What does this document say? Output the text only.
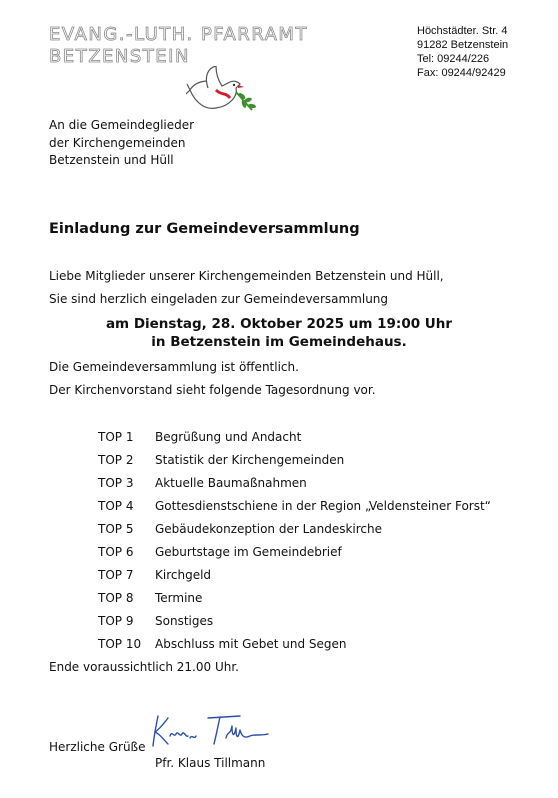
EVANG.-LUTH. PFARRAMT
BETZENSTEIN
Höchstädter. Str. 4
91282 Betzenstein
Tel: 09244/226
Fax: 09244/92429
An die Gemeindeglieder
der Kirchengemeinden
Betzenstein und Hüll
Einladung zur Gemeindeversammlung
Liebe Mitglieder unserer Kirchengemeinden Betzenstein und Hüll,
Sie sind herzlich eingeladen zur Gemeindeversammlung
am Dienstag, 28. Oktober 2025 um 19:00 Uhr
in Betzenstein im Gemeindehaus.
Die Gemeindeversammlung ist öffentlich.
Der Kirchenvorstand sieht folgende Tagesordnung vor.
TOP 1 Begrüßung und Andacht
TOP 2 Statistik der Kirchengemeinden
TOP 3 Aktuelle Baumaßnahmen
TOP 4 Gottesdienstschiene in der Region „Veldensteiner Forst“
TOP 5 Gebäudekonzeption der Landeskirche
TOP 6 Geburtstage im Gemeindebrief
TOP 7 Kirchgeld
TOP 8 Termine
TOP 9 Sonstiges
TOP 10 Abschluss mit Gebet und Segen
Ende voraussichtlich 21.00 Uhr.
Herzliche Grüße
Pfr. Klaus Tillmann
